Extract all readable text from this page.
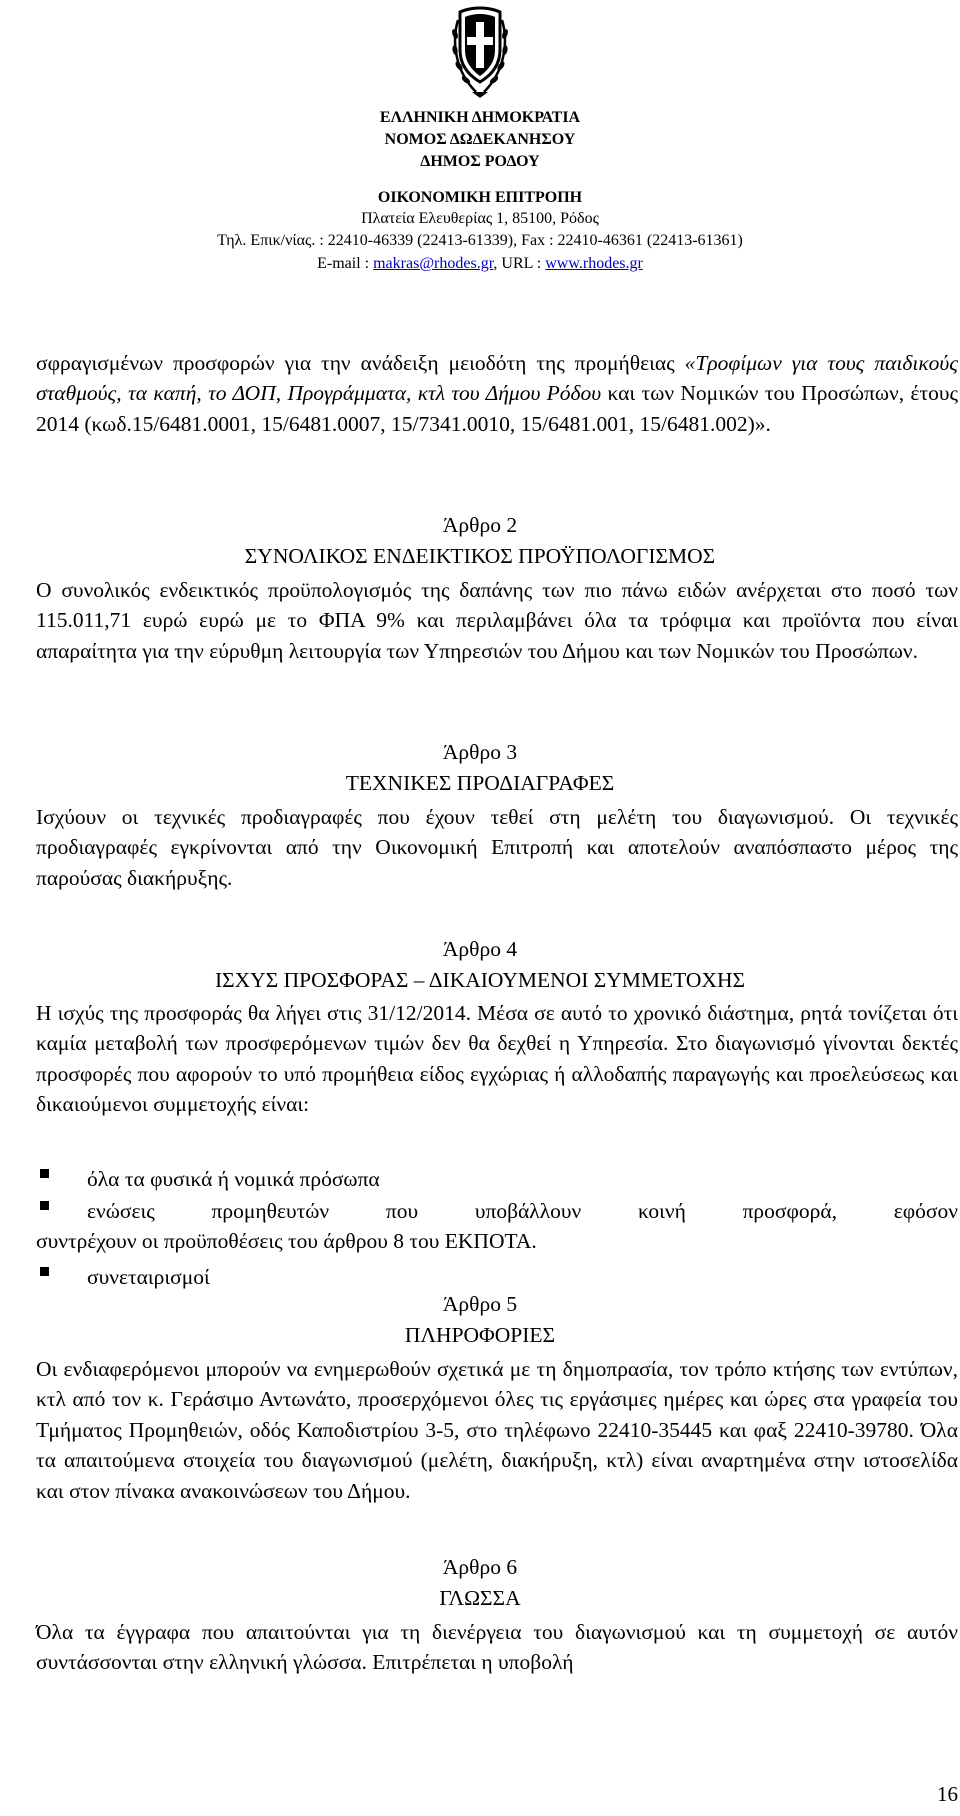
ΕΛΛΗΝΙΚΗ ΔΗΜΟΚΡΑΤΙΑ
ΝΟΜΟΣ ΔΩΔΕΚΑΝΗΣΟΥ
ΔΗΜΟΣ ΡΟΔΟΥ
ΟΙΚΟΝΟΜΙΚΗ ΕΠΙΤΡΟΠΗ
Πλατεία Ελευθερίας 1, 85100, Ρόδος
Τηλ. Επικ/νίας. : 22410-46339 (22413-61339), Fax : 22410-46361 (22413-61361)
E-mail : makras@rhodes.gr, URL : www.rhodes.gr
σφραγισμένων προσφορών για την ανάδειξη μειοδότη της προμήθειας «Τροφίμων για τους παιδικούς σταθμούς, τα καπή, το ΔΟΠ, Προγράμματα, κτλ του Δήμου Ρόδου και των Νομικών του Προσώπων, έτους 2014 (κωδ.15/6481.0001, 15/6481.0007, 15/7341.0010, 15/6481.001, 15/6481.002)».
Άρθρο 2
ΣΥΝΟΛΙΚΟΣ ΕΝΔΕΙΚΤΙΚΟΣ ΠΡΟΫΠΟΛΟΓΙΣΜΟΣ
Ο συνολικός ενδεικτικός προϋπολογισμός της δαπάνης των πιο πάνω ειδών ανέρχεται στο ποσό των 115.011,71 ευρώ ευρώ με το ΦΠΑ 9% και περιλαμβάνει όλα τα τρόφιμα και προϊόντα που είναι απαραίτητα για την εύρυθμη λειτουργία των Υπηρεσιών του Δήμου και των Νομικών του Προσώπων.
Άρθρο 3
ΤΕΧΝΙΚΕΣ ΠΡΟΔΙΑΓΡΑΦΕΣ
Ισχύουν οι τεχνικές προδιαγραφές που έχουν τεθεί στη μελέτη του διαγωνισμού. Οι τεχνικές προδιαγραφές εγκρίνονται από την Οικονομική Επιτροπή και αποτελούν αναπόσπαστο μέρος της παρούσας διακήρυξης.
Άρθρο 4
ΙΣΧΥΣ ΠΡΟΣΦΟΡΑΣ – ΔΙΚΑΙΟΥΜΕΝΟΙ ΣΥΜΜΕΤΟΧΗΣ
Η ισχύς της προσφοράς θα λήγει στις 31/12/2014. Μέσα σε αυτό το χρονικό διάστημα, ρητά τονίζεται ότι καμία μεταβολή των προσφερόμενων τιμών δεν θα δεχθεί η Υπηρεσία. Στο διαγωνισμό γίνονται δεκτές προσφορές που αφορούν το υπό προμήθεια είδος εγχώριας ή αλλοδαπής παραγωγής και προελεύσεως και δικαιούμενοι συμμετοχής είναι:
όλα τα φυσικά ή νομικά πρόσωπα
ενώσεις προμηθευτών που υποβάλλουν κοινή προσφορά, εφόσον
συντρέχουν οι προϋποθέσεις του άρθρου 8 του ΕΚΠΟΤΑ.
συνεταιρισμοί
Άρθρο 5
ΠΛΗΡΟΦΟΡΙΕΣ
Οι ενδιαφερόμενοι μπορούν να ενημερωθούν σχετικά με τη δημοπρασία, τον τρόπο κτήσης των εντύπων, κτλ από τον κ. Γεράσιμο Αντωνάτο, προσερχόμενοι όλες τις εργάσιμες ημέρες και ώρες στα γραφεία του Τμήματος Προμηθειών, οδός Καποδιστρίου 3-5, στο τηλέφωνο 22410-35445 και φαξ 22410-39780. Όλα τα απαιτούμενα στοιχεία του διαγωνισμού (μελέτη, διακήρυξη, κτλ) είναι αναρτημένα στην ιστοσελίδα και στον πίνακα ανακοινώσεων του Δήμου.
Άρθρο 6
ΓΛΩΣΣΑ
Όλα τα έγγραφα που απαιτούνται για τη διενέργεια του διαγωνισμού και τη συμμετοχή σε αυτόν συντάσσονται στην ελληνική γλώσσα. Επιτρέπεται η υποβολή
16
